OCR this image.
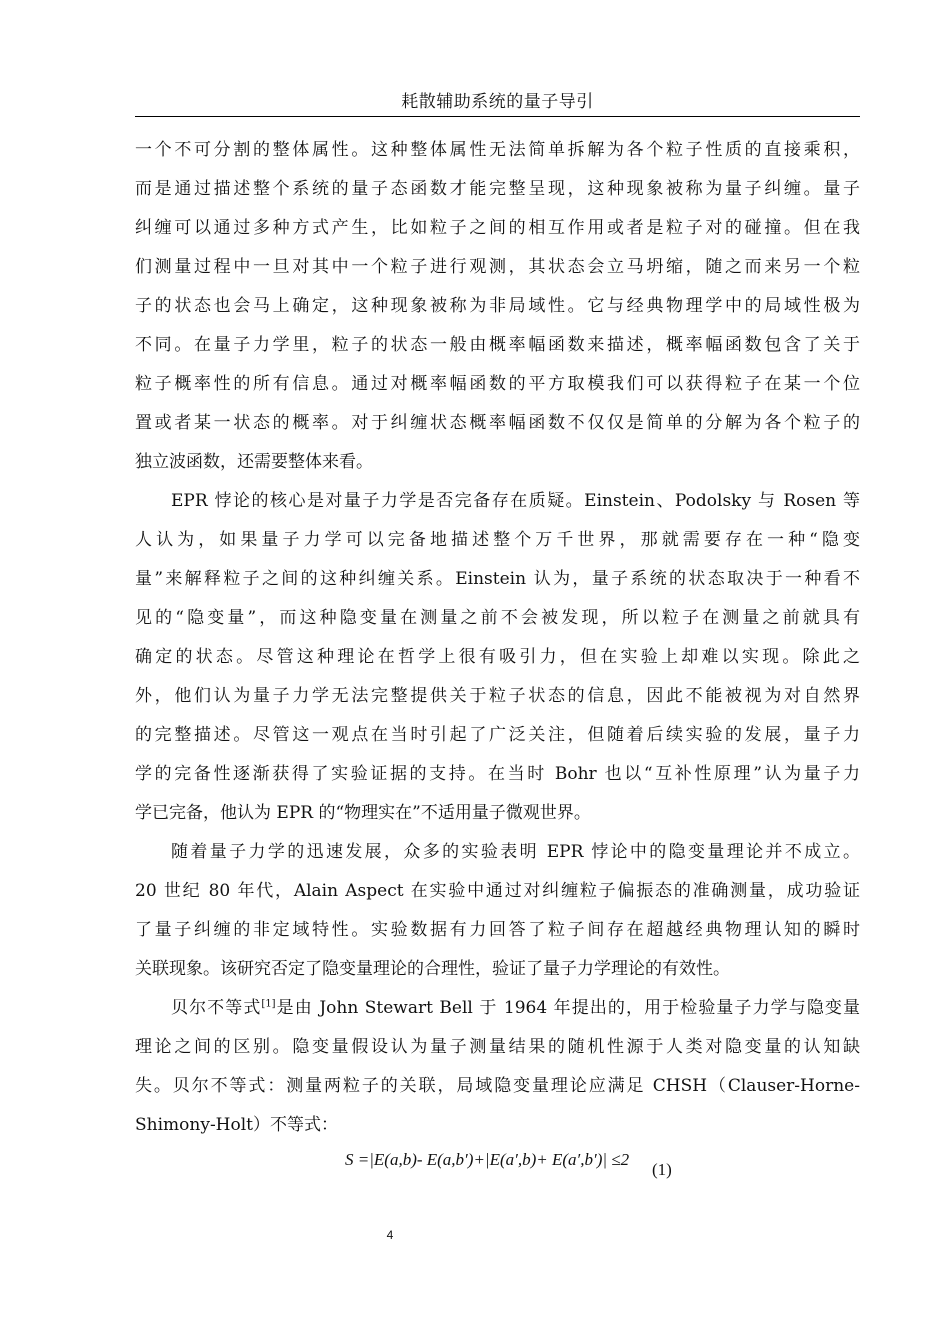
耗散辅助系统的量子导引
一个不可分割的整体属性。这种整体属性无法简单拆解为各个粒子性质的直接乘积，
而是通过描述整个系统的量子态函数才能完整呈现，这种现象被称为量子纠缠。量子
纠缠可以通过多种方式产生，比如粒子之间的相互作用或者是粒子对的碰撞。但在我
们测量过程中一旦对其中一个粒子进行观测，其状态会立马坍缩，随之而来另一个粒
子的状态也会马上确定，这种现象被称为非局域性。它与经典物理学中的局域性极为
不同。在量子力学里，粒子的状态一般由概率幅函数来描述，概率幅函数包含了关于
粒子概率性的所有信息。通过对概率幅函数的平方取模我们可以获得粒子在某一个位
置或者某一状态的概率。对于纠缠状态概率幅函数不仅仅是简单的分解为各个粒子的
独立波函数，还需要整体来看。
EPR 悖论的核心是对量子力学是否完备存在质疑。Einstein、Podolsky 与 Rosen 等
人认为，如果量子力学可以完备地描述整个万千世界，那就需要存在一种“隐变
量”来解释粒子之间的这种纠缠关系。Einstein 认为，量子系统的状态取决于一种看不
见的“隐变量”，而这种隐变量在测量之前不会被发现，所以粒子在测量之前就具有
确定的状态。尽管这种理论在哲学上很有吸引力，但在实验上却难以实现。除此之
外，他们认为量子力学无法完整提供关于粒子状态的信息，因此不能被视为对自然界
的完整描述。尽管这一观点在当时引起了广泛关注，但随着后续实验的发展，量子力
学的完备性逐渐获得了实验证据的支持。在当时 Bohr 也以“互补性原理”认为量子力
学已完备，他认为 EPR 的“物理实在”不适用量子微观世界。
随着量子力学的迅速发展，众多的实验表明 EPR 悖论中的隐变量理论并不成立。
20 世纪 80 年代，Alain Aspect 在实验中通过对纠缠粒子偏振态的准确测量，成功验证
了量子纠缠的非定域特性。实验数据有力回答了粒子间存在超越经典物理认知的瞬时
关联现象。该研究否定了隐变量理论的合理性，验证了量子力学理论的有效性。
贝尔不等式[1]是由 John Stewart Bell 于 1964 年提出的，用于检验量子力学与隐变量
理论之间的区别。隐变量假设认为量子测量结果的随机性源于人类对隐变量的认知缺
失。贝尔不等式：测量两粒子的关联，局域隐变量理论应满足 CHSH（Clauser-Horne-
Shimony-Holt）不等式：
S =|E(a,b)- E(a,b′)+|E(a′,b)+ E(a′,b′)| ≤2
(1)
4
